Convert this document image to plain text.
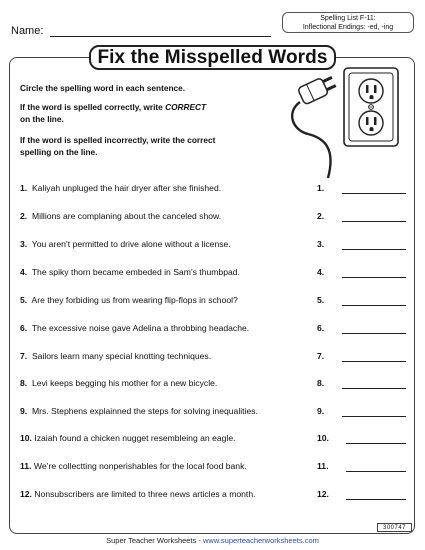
Name:
Spelling List F-11:
Inflectional Endings: -ed, -ing
Fix the Misspelled Words
Circle the spelling word in each sentence.
If the word is spelled correctly, write CORRECT
on the line.
If the word is spelled incorrectly, write the correct
spelling on the line.
1. Kaliyah unpluged the hair dryer after she finished.	1.
2. Millions are complaning about the canceled show.	2.
3. You aren’t permitted to drive alone without a license.	3.
4. The spiky thorn became embeded in Sam’s thumbpad.	4.
5. Are they forbiding us from wearing flip-flops in school?	5.
6. The excessive noise gave Adelina a throbbing headache.	6.
7. Sailors learn many special knotting techniques.	7.
8. Levi keeps begging his mother for a new bicycle.	8.
9. Mrs. Stephens explainned the steps for solving inequalities.	9.
10. Izaiah found a chicken nugget resembleing an eagle.	10.
11. We’re collectting nonperishables for the local food bank.	11.
12. Nonsubscribers are limited to three news articles a month.	12.
300747
Super Teacher Worksheets - www.superteacherworksheets.com
